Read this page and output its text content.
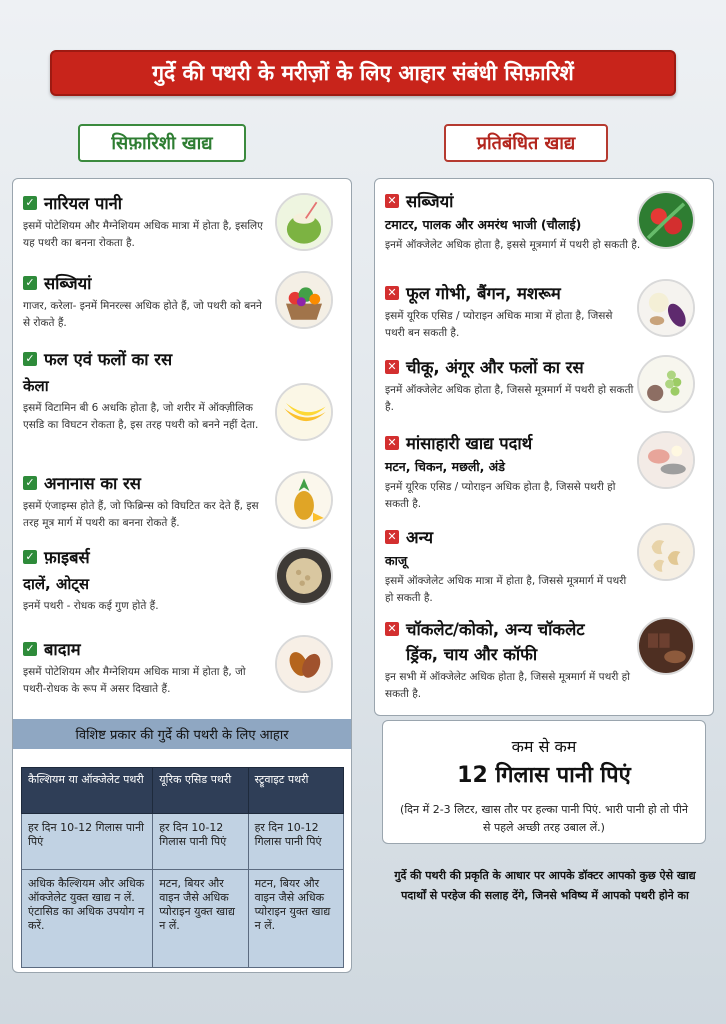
गुर्दे की पथरी के मरीज़ों के लिए आहार संबंधी सिफ़ारिशें
सिफ़ारिशी खाद्य	प्रतिबंधित खाद्य
✓ नारियल पानी
इसमें पोटेशियम और मैग्नेशियम अधिक मात्रा में होता है, इसलिए यह पथरी का बनना रोकता है.
✓ सब्जियां
गाजर, करेला- इनमें मिनरल्स अधिक होते हैं, जो पथरी को बनने से रोकते हैं.
✓ फल एवं फलों का रस
केला
इसमें विटामिन बी 6 अधकि होता है, जो शरीर में ऑक्ज़ीलिक एसडि का विघटन रोकता है, इस तरह पथरी को बनने नहीं देता.
✓ अनानास का रस
इसमें एंजाइम्स होते हैं, जो फिब्रिन्स को विघटित कर देते हैं, इस तरह मूत्र मार्ग में पथरी का बनना रोकते हैं.
✓ फ़ाइबर्स
दालें, ओट्स
इनमें पथरी - रोधक कई गुण होते हैं.
✓ बादाम
इसमें पोटेशियम और मैग्नेशियम अधिक मात्रा में होता है, जो पथरी-रोधक के रूप में असर दिखाते हैं.
विशिष्ट प्रकार की गुर्दे की पथरी के लिए आहार
कैल्शियम या ऑक्जेलेट पथरी	यूरिक एसिड पथरी	स्ट्रूवाइट पथरी
हर दिन 10-12 गिलास पानी पिएं	हर दिन 10-12 गिलास पानी पिएं	हर दिन 10-12 गिलास पानी पिएं
अधिक कैल्शियम और अधिक ऑक्जेलेट युक्त खाद्य न लें. एंटासिड का अधिक उपयोग न करें.	मटन, बियर और वाइन जैसे अधिक प्योराइन युक्त खाद्य न लें.	मटन, बियर और वाइन जैसे अधिक प्योराइन युक्त खाद्य न लें.
✕ सब्जियां
टमाटर, पालक और अमरंथ भाजी (चौलाई)
इनमें ऑक्जेलेट अधिक होता है, इससे मूत्रमार्ग में पथरी हो सकती है.
✕ फूल गोभी, बैंगन, मशरूम
इसमें यूरिक एसिड / प्योराइन अधिक मात्रा में होता है, जिससे पथरी बन सकती है.
✕ चीकू, अंगूर और फलों का रस
इनमें ऑक्जेलेट अधिक होता है, जिससे मूत्रमार्ग में पथरी हो सकती है.
✕ मांसाहारी खाद्य पदार्थ
मटन, चिकन, मछली, अंडे
इनमें यूरिक एसिड / प्योराइन अधिक होता है, जिससे पथरी हो सकती है.
✕ अन्य
काजू
इसमें ऑक्जेलेट अधिक मात्रा में होता है, जिससे मूत्रमार्ग में पथरी हो सकती है.
✕ चॉकलेट/कोको, अन्य चॉकलेट
ड्रिंक, चाय और कॉफी
इन सभी में ऑक्जेलेट अधिक होता है, जिससे मूत्रमार्ग में पथरी हो सकती है.
कम से कम
12 गिलास पानी पिएं
(दिन में 2-3 लिटर, खास तौर पर हल्का पानी पिएं. भारी पानी हो तो पीने से पहले अच्छी तरह उबाल लें.)
गुर्दे की पथरी की प्रकृति के आधार पर आपके डॉक्टर आपको कुछ ऐसे खाद्य पदार्थों से परहेज की सलाह देंगे, जिनसे भविष्य में आपको पथरी होने का
